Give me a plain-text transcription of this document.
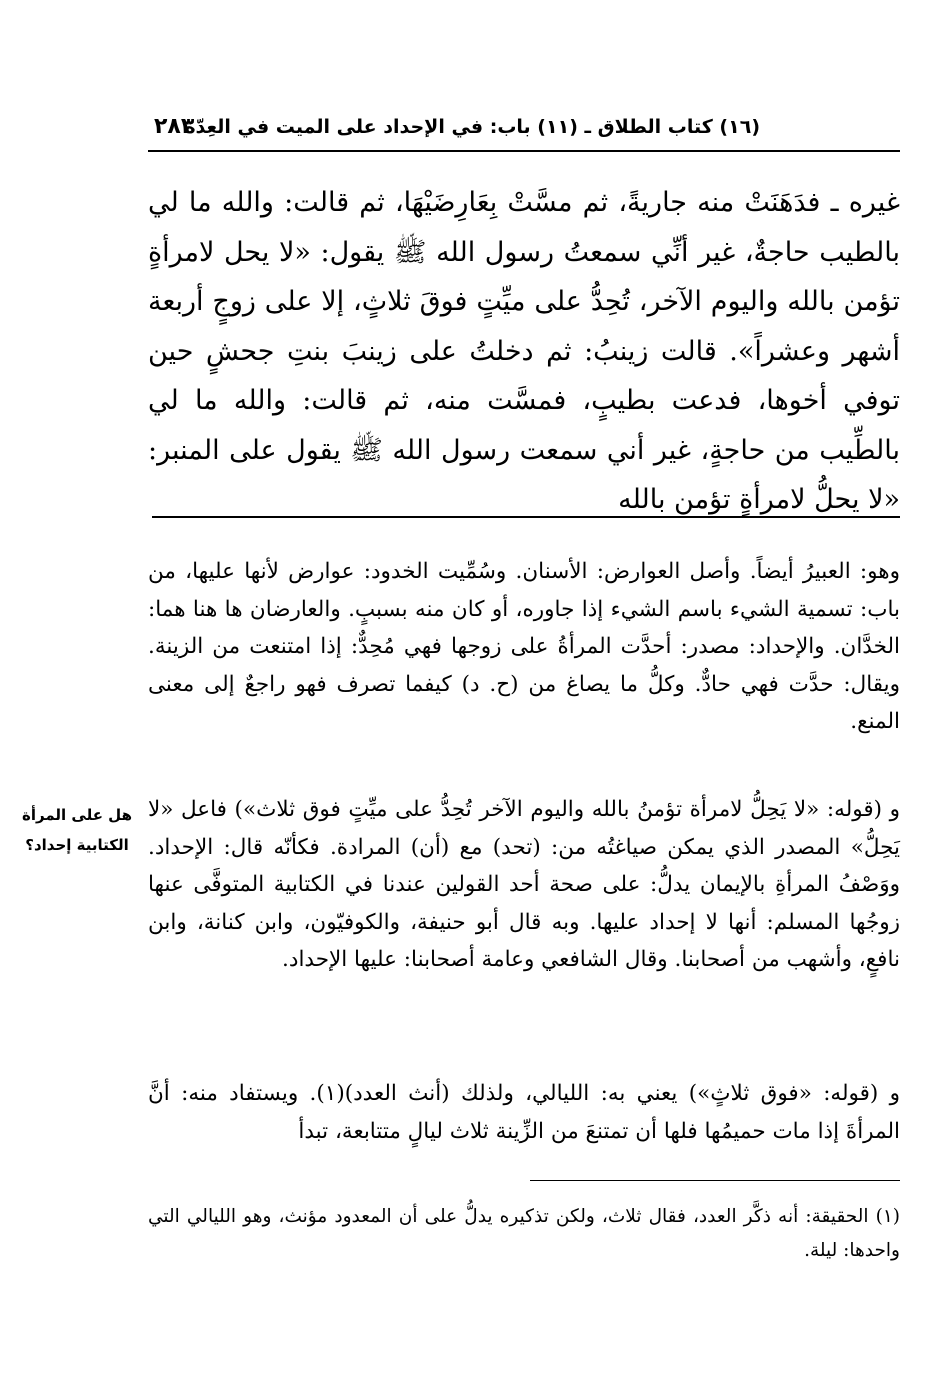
(١٦) كتاب الطلاق ـ (١١) باب: في الإحداد على الميت في العِدّة
٢٨٣

غيره ـ فدَهَنَتْ منه جاريةً، ثم مسَّتْ بِعَارِضَيْهَا، ثم قالت: والله ما لي بالطيب حاجةٌ، غير أنِّي سمعتُ رسول الله ﷺ يقول: «لا يحل لامرأةٍ تؤمن بالله واليوم الآخر، تُحِدُّ على ميِّتٍ فوقَ ثلاثٍ، إلا على زوجٍ أربعة أشهر وعشراً». قالت زينبُ: ثم دخلتُ على زينبَ بنتِ جحشٍ حين توفي أخوها، فدعت بطيبٍ، فمسَّت منه، ثم قالت: والله ما لي بالطِّيب من حاجةٍ، غير أني سمعت رسول الله ﷺ يقول على المنبر: «لا يحلُّ لامرأةٍ تؤمن بالله

وهو: العبيرُ أيضاً. وأصل العوارض: الأسنان. وسُمِّيت الخدود: عوارض لأنها عليها، من باب: تسمية الشيء باسم الشيء إذا جاوره، أو كان منه بسببٍ. والعارضان ها هنا هما: الخدَّان. والإحداد: مصدر: أحدَّت المرأةُ على زوجها فهي مُحِدٌّ: إذا امتنعت من الزينة. ويقال: حدَّت فهي حادٌّ. وكلُّ ما يصاغ من (ح. د) كيفما تصرف فهو راجعٌ إلى معنى المنع.

و (قوله: «لا يَحِلُّ لامرأة تؤمنُ بالله واليوم الآخر تُحِدُّ على ميِّتٍ فوق ثلاث») فاعل «لا يَحِلُّ» المصدر الذي يمكن صياغتُه من: (تحد) مع (أن) المرادة. فكأنّه قال: الإحداد. ووَصْفُ المرأةِ بالإيمان يدلُّ: على صحة أحد القولين عندنا في الكتابية المتوفَّى عنها زوجُها المسلم: أنها لا إحداد عليها. وبه قال أبو حنيفة، والكوفيّون، وابن كنانة، وابن نافعٍ، وأشهب من أصحابنا. وقال الشافعي وعامة أصحابنا: عليها الإحداد.

هل على المرأة
الكتابية إحداد؟

و (قوله: «فوق ثلاثٍ») يعني به: الليالي، ولذلك (أنث العدد)(١). ويستفاد منه: أنَّ المرأةَ إذا مات حميمُها فلها أن تمتنعَ من الزِّينة ثلاث ليالٍ متتابعة، تبدأ

(١) الحقيقة: أنه ذكَّر العدد، فقال ثلاث، ولكن تذكيره يدلُّ على أن المعدود مؤنث، وهو الليالي التي واحدها: ليلة.
